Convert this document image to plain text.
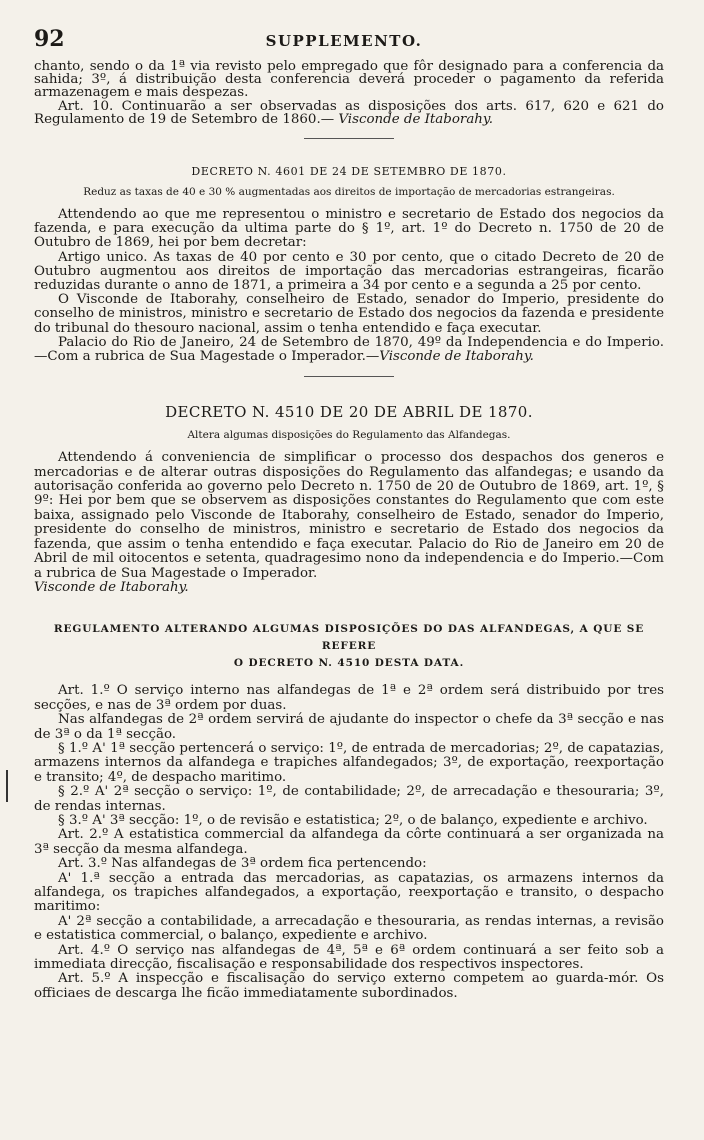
92	SUPPLEMENTO.

chanto, sendo o da 1ª via revisto pelo empregado que fôr designado para a conferencia da sahida; 3º, á distribuição desta conferencia deverá proceder o pagamento da referida armazenagem e mais despezas.

Art. 10. Continuarão a ser observadas as disposições dos arts. 617, 620 e 621 do Regulamento de 19 de Setembro de 1860.— Visconde de Itaborahy.

DECRETO N. 4601 DE 24 DE SETEMBRO DE 1870.
Reduz as taxas de 40 e 30 % augmentadas aos direitos de importação de mercadorias estrangeiras.

Attendendo ao que me representou o ministro e secretario de Estado dos negocios da fazenda, e para execução da ultima parte do § 1º, art. 1º do Decreto n. 1750 de 20 de Outubro de 1869, hei por bem decretar:

Artigo unico. As taxas de 40 por cento e 30 por cento, que o citado Decreto de 20 de Outubro augmentou aos direitos de importação das mercadorias estrangeiras, ficarão reduzidas durante o anno de 1871, a primeira a 34 por cento e a segunda a 25 por cento.

O Visconde de Itaborahy, conselheiro de Estado, senador do Imperio, presidente do conselho de ministros, ministro e secretario de Estado dos negocios da fazenda e presidente do tribunal do thesouro nacional, assim o tenha entendido e faça executar.

Palacio do Rio de Janeiro, 24 de Setembro de 1870, 49º da Independencia e do Imperio.—Com a rubrica de Sua Magestade o Imperador.—Visconde de Itaborahy.

DECRETO N. 4510 DE 20 DE ABRIL DE 1870.
Altera algumas disposições do Regulamento das Alfandegas.

Attendendo á conveniencia de simplificar o processo dos despachos dos generos e mercadorias e de alterar outras disposições do Regulamento das alfandegas; e usando da autorisação conferida ao governo pelo Decreto n. 1750 de 20 de Outubro de 1869, art. 1º, § 9º: Hei por bem que se observem as disposições constantes do Regulamento que com este baixa, assignado pelo Visconde de Itaborahy, conselheiro de Estado, senador do Imperio, presidente do conselho de ministros, ministro e secretario de Estado dos negocios da fazenda, que assim o tenha entendido e faça executar. Palacio do Rio de Janeiro em 20 de Abril de mil oitocentos e setenta, quadragesimo nono da independencia e do Imperio.—Com a rubrica de Sua Magestade o Imperador.

Visconde de Itaborahy.

REGULAMENTO ALTERANDO ALGUMAS DISPOSIÇÕES DO DAS ALFANDEGAS, A QUE SE REFERE
O DECRETO N. 4510 DESTA DATA.

Art. 1.º O serviço interno nas alfandegas de 1ª e 2ª ordem será distribuido por tres secções, e nas de 3ª ordem por duas.

Nas alfandegas de 2ª ordem servirá de ajudante do inspector o chefe da 3ª secção e nas de 3ª o da 1ª secção.

§ 1.º A' 1ª secção pertencerá o serviço: 1º, de entrada de mercadorias; 2º, de capatazias, armazens internos da alfandega e trapiches alfandegados; 3º, de exportação, reexportação e transito; 4º, de despacho maritimo.

§ 2.º A' 2ª secção o serviço: 1º, de contabilidade; 2º, de arrecadação e thesouraria; 3º, de rendas internas.

§ 3.º A' 3ª secção: 1º, o de revisão e estatistica; 2º, o de balanço, expediente e archivo.

Art. 2.º A estatistica commercial da alfandega da côrte continuará a ser organizada na 3ª secção da mesma alfandega.

Art. 3.º Nas alfandegas de 3ª ordem fica pertencendo:

A' 1.ª secção a entrada das mercadorias, as capatazias, os armazens internos da alfandega, os trapiches alfandegados, a exportação, reexportação e transito, o despacho maritimo:

A' 2ª secção a contabilidade, a arrecadação e thesouraria, as rendas internas, a revisão e estatistica commercial, o balanço, expediente e archivo.

Art. 4.º O serviço nas alfandegas de 4ª, 5ª e 6ª ordem continuará a ser feito sob a immediata direcção, fiscalisação e responsabilidade dos respectivos inspectores.

Art. 5.º A inspecção e fiscalisação do serviço externo competem ao guarda-mór. Os officiaes de descarga lhe ficão immediatamente subordinados.
